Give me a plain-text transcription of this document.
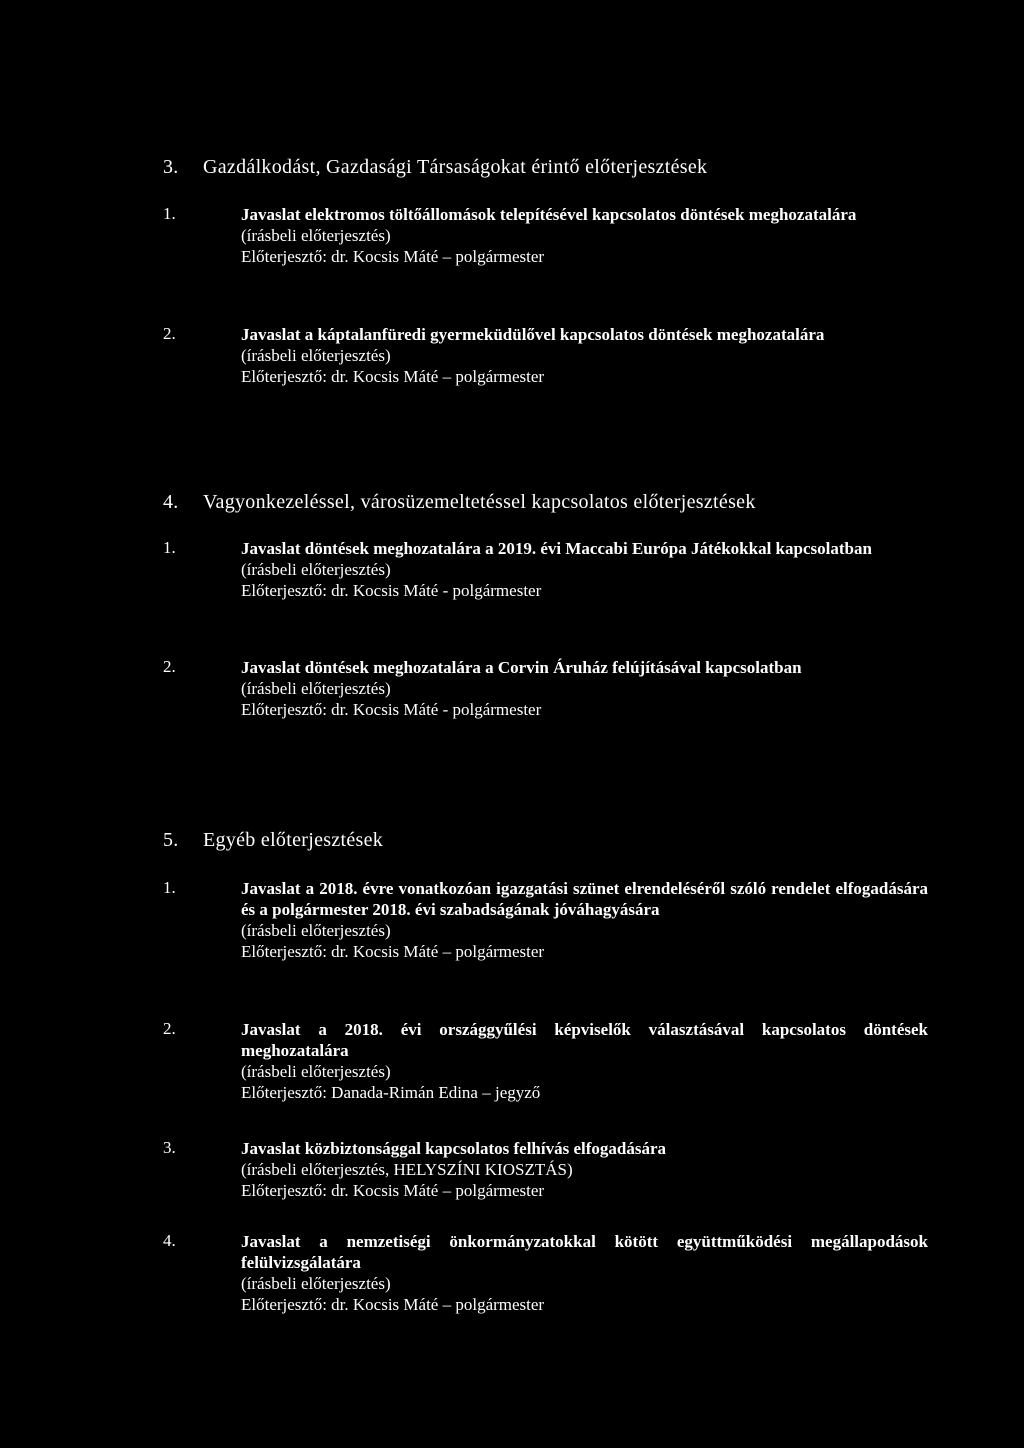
3.	Gazdálkodást, Gazdasági Társaságokat érintő előterjesztések
1.	Javaslat elektromos töltőállomások telepítésével kapcsolatos döntések meghozatalára
(írásbeli előterjesztés)
Előterjesztő: dr. Kocsis Máté – polgármester
2.	Javaslat a káptalanfüredi gyermeküdülővel kapcsolatos döntések meghozatalára
(írásbeli előterjesztés)
Előterjesztő: dr. Kocsis Máté – polgármester
4.	Vagyonkezeléssel, városüzemeltetéssel kapcsolatos előterjesztések
1.	Javaslat döntések meghozatalára a 2019. évi Maccabi Európa Játékokkal kapcsolatban
(írásbeli előterjesztés)
Előterjesztő: dr. Kocsis Máté - polgármester
2.	Javaslat döntések meghozatalára a Corvin Áruház felújításával kapcsolatban
(írásbeli előterjesztés)
Előterjesztő: dr. Kocsis Máté - polgármester
5.	Egyéb előterjesztések
1.	Javaslat a 2018. évre vonatkozóan igazgatási szünet elrendeléséről szóló rendelet elfogadására és a polgármester 2018. évi szabadságának jóváhagyására
(írásbeli előterjesztés)
Előterjesztő: dr. Kocsis Máté – polgármester
2.	Javaslat a 2018. évi országgyűlési képviselők választásával kapcsolatos döntések meghozatalára
(írásbeli előterjesztés)
Előterjesztő: Danada-Rimán Edina – jegyző
3.	Javaslat közbiztonsággal kapcsolatos felhívás elfogadására
(írásbeli előterjesztés, HELYSZÍNI KIOSZTÁS)
Előterjesztő: dr. Kocsis Máté – polgármester
4.	Javaslat a nemzetiségi önkormányzatokkal kötött együttműködési megállapodások felülvizsgálatára
(írásbeli előterjesztés)
Előterjesztő: dr. Kocsis Máté – polgármester
